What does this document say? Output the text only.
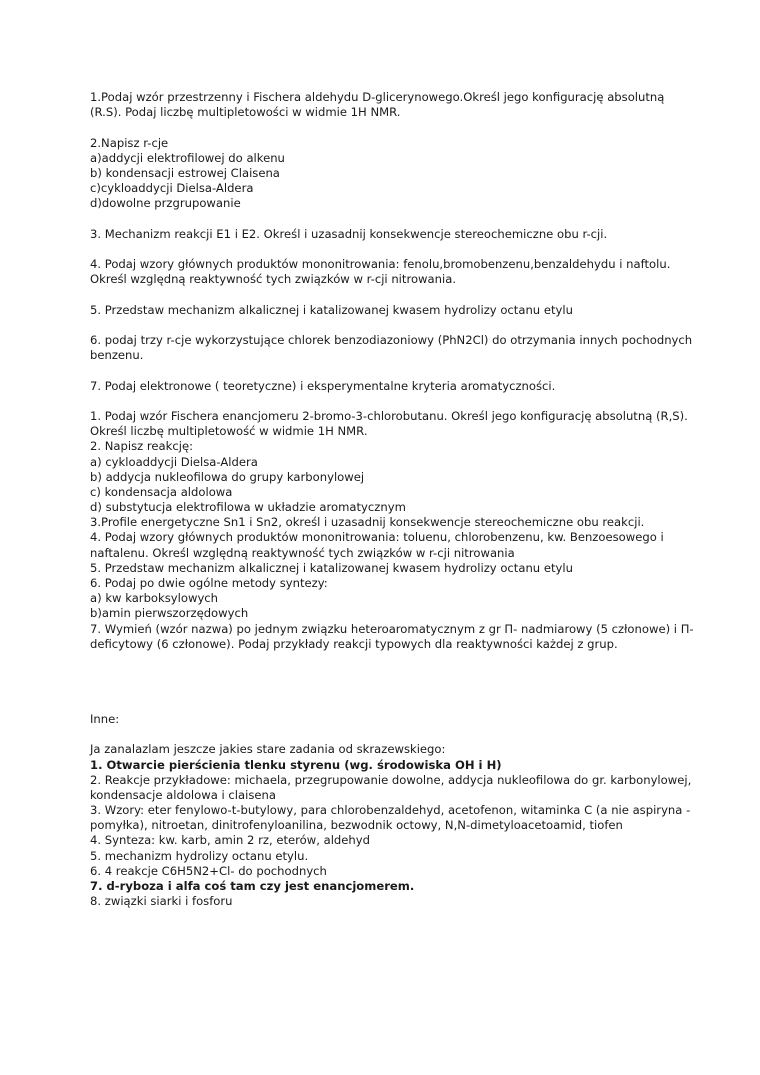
1.Podaj wzór przestrzenny i Fischera aldehydu D-glicerynowego.Określ jego konfigurację absolutną
(R.S). Podaj liczbę multipletowości w widmie 1H NMR.
2.Napisz r-cje
a)addycji elektrofilowej do alkenu
b) kondensacji estrowej Claisena
c)cykloaddycji Dielsa-Aldera
d)dowolne przgrupowanie
3. Mechanizm reakcji E1 i E2. Określ i uzasadnij konsekwencje stereochemiczne obu r-cji.
4. Podaj wzory głównych produktów mononitrowania: fenolu,bromobenzenu,benzaldehydu i naftolu.
Określ względną reaktywność tych związków w r-cji nitrowania.
5. Przedstaw mechanizm alkalicznej i katalizowanej kwasem hydrolizy octanu etylu
6. podaj trzy r-cje wykorzystujące chlorek benzodiazoniowy (PhN2Cl) do otrzymania innych pochodnych
benzenu.
7. Podaj elektronowe ( teoretyczne) i eksperymentalne kryteria aromatyczności.
1. Podaj wzór Fischera enancjomeru 2-bromo-3-chlorobutanu. Określ jego konfigurację absolutną (R,S).
Określ liczbę multipletowość w widmie 1H NMR.
2. Napisz reakcję:
a) cykloaddycji Dielsa-Aldera
b) addycja nukleofilowa do grupy karbonylowej
c) kondensacja aldolowa
d) substytucja elektrofilowa w układzie aromatycznym
3.Profile energetyczne Sn1 i Sn2, określ i uzasadnij konsekwencje stereochemiczne obu reakcji.
4. Podaj wzory głównych produktów mononitrowania: toluenu, chlorobenzenu, kw. Benzoesowego i
naftalenu. Określ względną reaktywność tych związków w r-cji nitrowania
5. Przedstaw mechanizm alkalicznej i katalizowanej kwasem hydrolizy octanu etylu
6. Podaj po dwie ogólne metody syntezy:
a) kw karboksylowych
b)amin pierwszorzędowych
7. Wymień (wzór nazwa) po jednym związku heteroaromatycznym z gr Π- nadmiarowy (5 członowe) i Π-
deficytowy (6 członowe). Podaj przykłady reakcji typowych dla reaktywności każdej z grup.
Inne:
Ja zanalazlam jeszcze jakies stare zadania od skrazewskiego:
1. Otwarcie pierścienia tlenku styrenu (wg. środowiska OH i H)
2. Reakcje przykładowe: michaela, przegrupowanie dowolne, addycja nukleofilowa do gr. karbonylowej,
kondensacje aldolowa i claisena
3. Wzory: eter fenylowo-t-butylowy, para chlorobenzaldehyd, acetofenon, witaminka C (a nie aspiryna -
pomyłka), nitroetan, dinitrofenyloanilina, bezwodnik octowy, N,N-dimetyloacetoamid, tiofen
4. Synteza: kw. karb, amin 2 rz, eterów, aldehyd
5. mechanizm hydrolizy octanu etylu.
6. 4 reakcje C6H5N2+Cl- do pochodnych
7. d-ryboza i alfa coś tam czy jest enancjomerem.
8. związki siarki i fosforu
